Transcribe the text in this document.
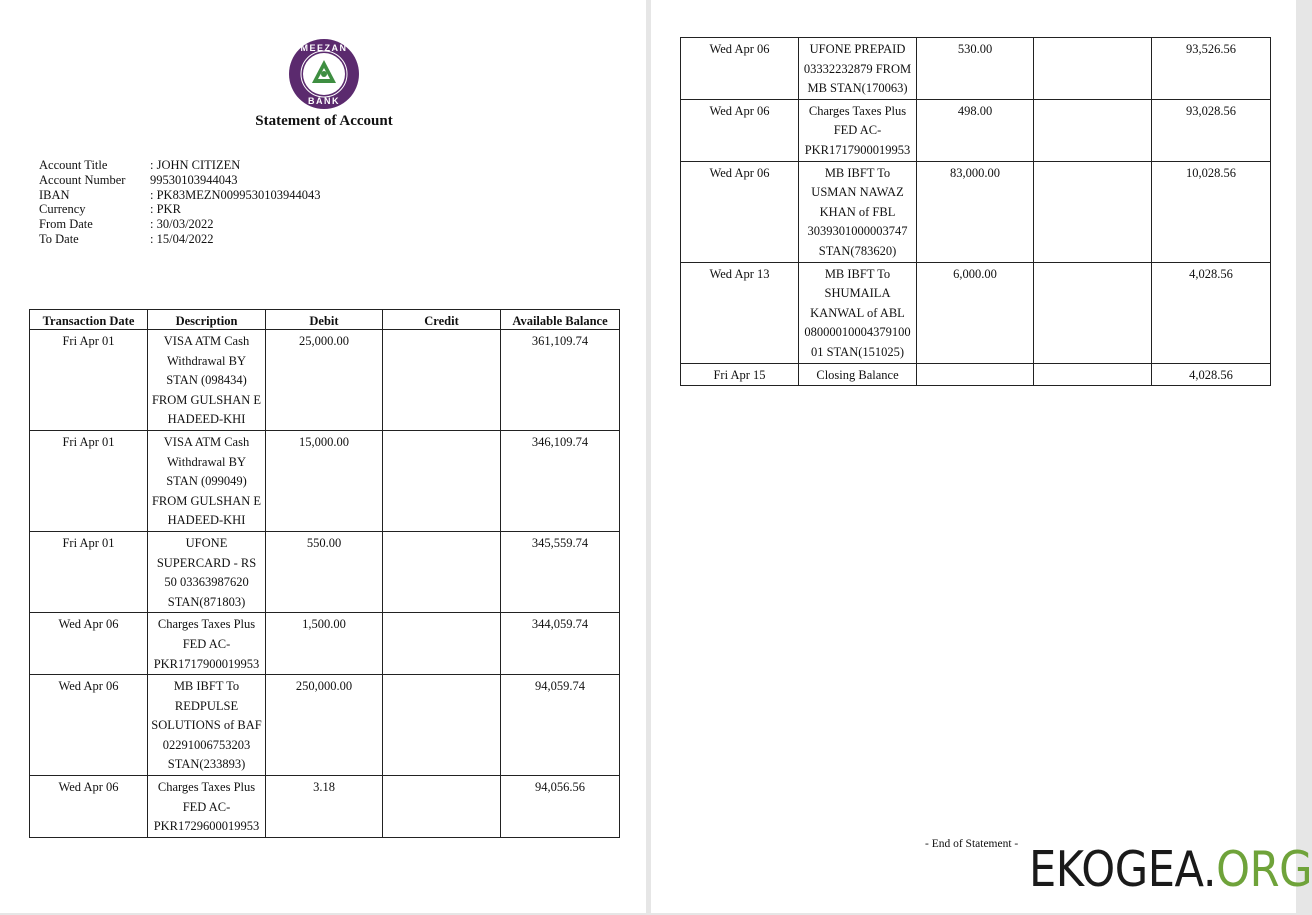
MEEZAN
BANK
Statement of Account
Account Title	: JOHN CITIZEN
Account Number	99530103944043
IBAN	: PK83MEZN0099530103944043
Currency	: PKR
From Date	: 30/03/2022
To Date	: 15/04/2022
Transaction Date	Description	Debit	Credit	Available Balance
Fri Apr 01	VISA ATM Cash Withdrawal BY STAN (098434) FROM GULSHAN E HADEED-KHI	25,000.00		361,109.74
Fri Apr 01	VISA ATM Cash Withdrawal BY STAN (099049) FROM GULSHAN E HADEED-KHI	15,000.00		346,109.74
Fri Apr 01	UFONE SUPERCARD - RS 50 03363987620 STAN(871803)	550.00		345,559.74
Wed Apr 06	Charges Taxes Plus FED AC-PKR1717900019953	1,500.00		344,059.74
Wed Apr 06	MB IBFT To REDPULSE SOLUTIONS of BAF 02291006753203 STAN(233893)	250,000.00		94,059.74
Wed Apr 06	Charges Taxes Plus FED AC-PKR1729600019953	3.18		94,056.56
Wed Apr 06	UFONE PREPAID 03332232879 FROM MB STAN(170063)	530.00		93,526.56
Wed Apr 06	Charges Taxes Plus FED AC-PKR1717900019953	498.00		93,028.56
Wed Apr 06	MB IBFT To USMAN NAWAZ KHAN of FBL 3039301000003747 STAN(783620)	83,000.00		10,028.56
Wed Apr 13	MB IBFT To SHUMAILA KANWAL of ABL 08000010004379100 01 STAN(151025)	6,000.00		4,028.56
Fri Apr 15	Closing Balance			4,028.56
- End of Statement - EKOGEA.ORG
